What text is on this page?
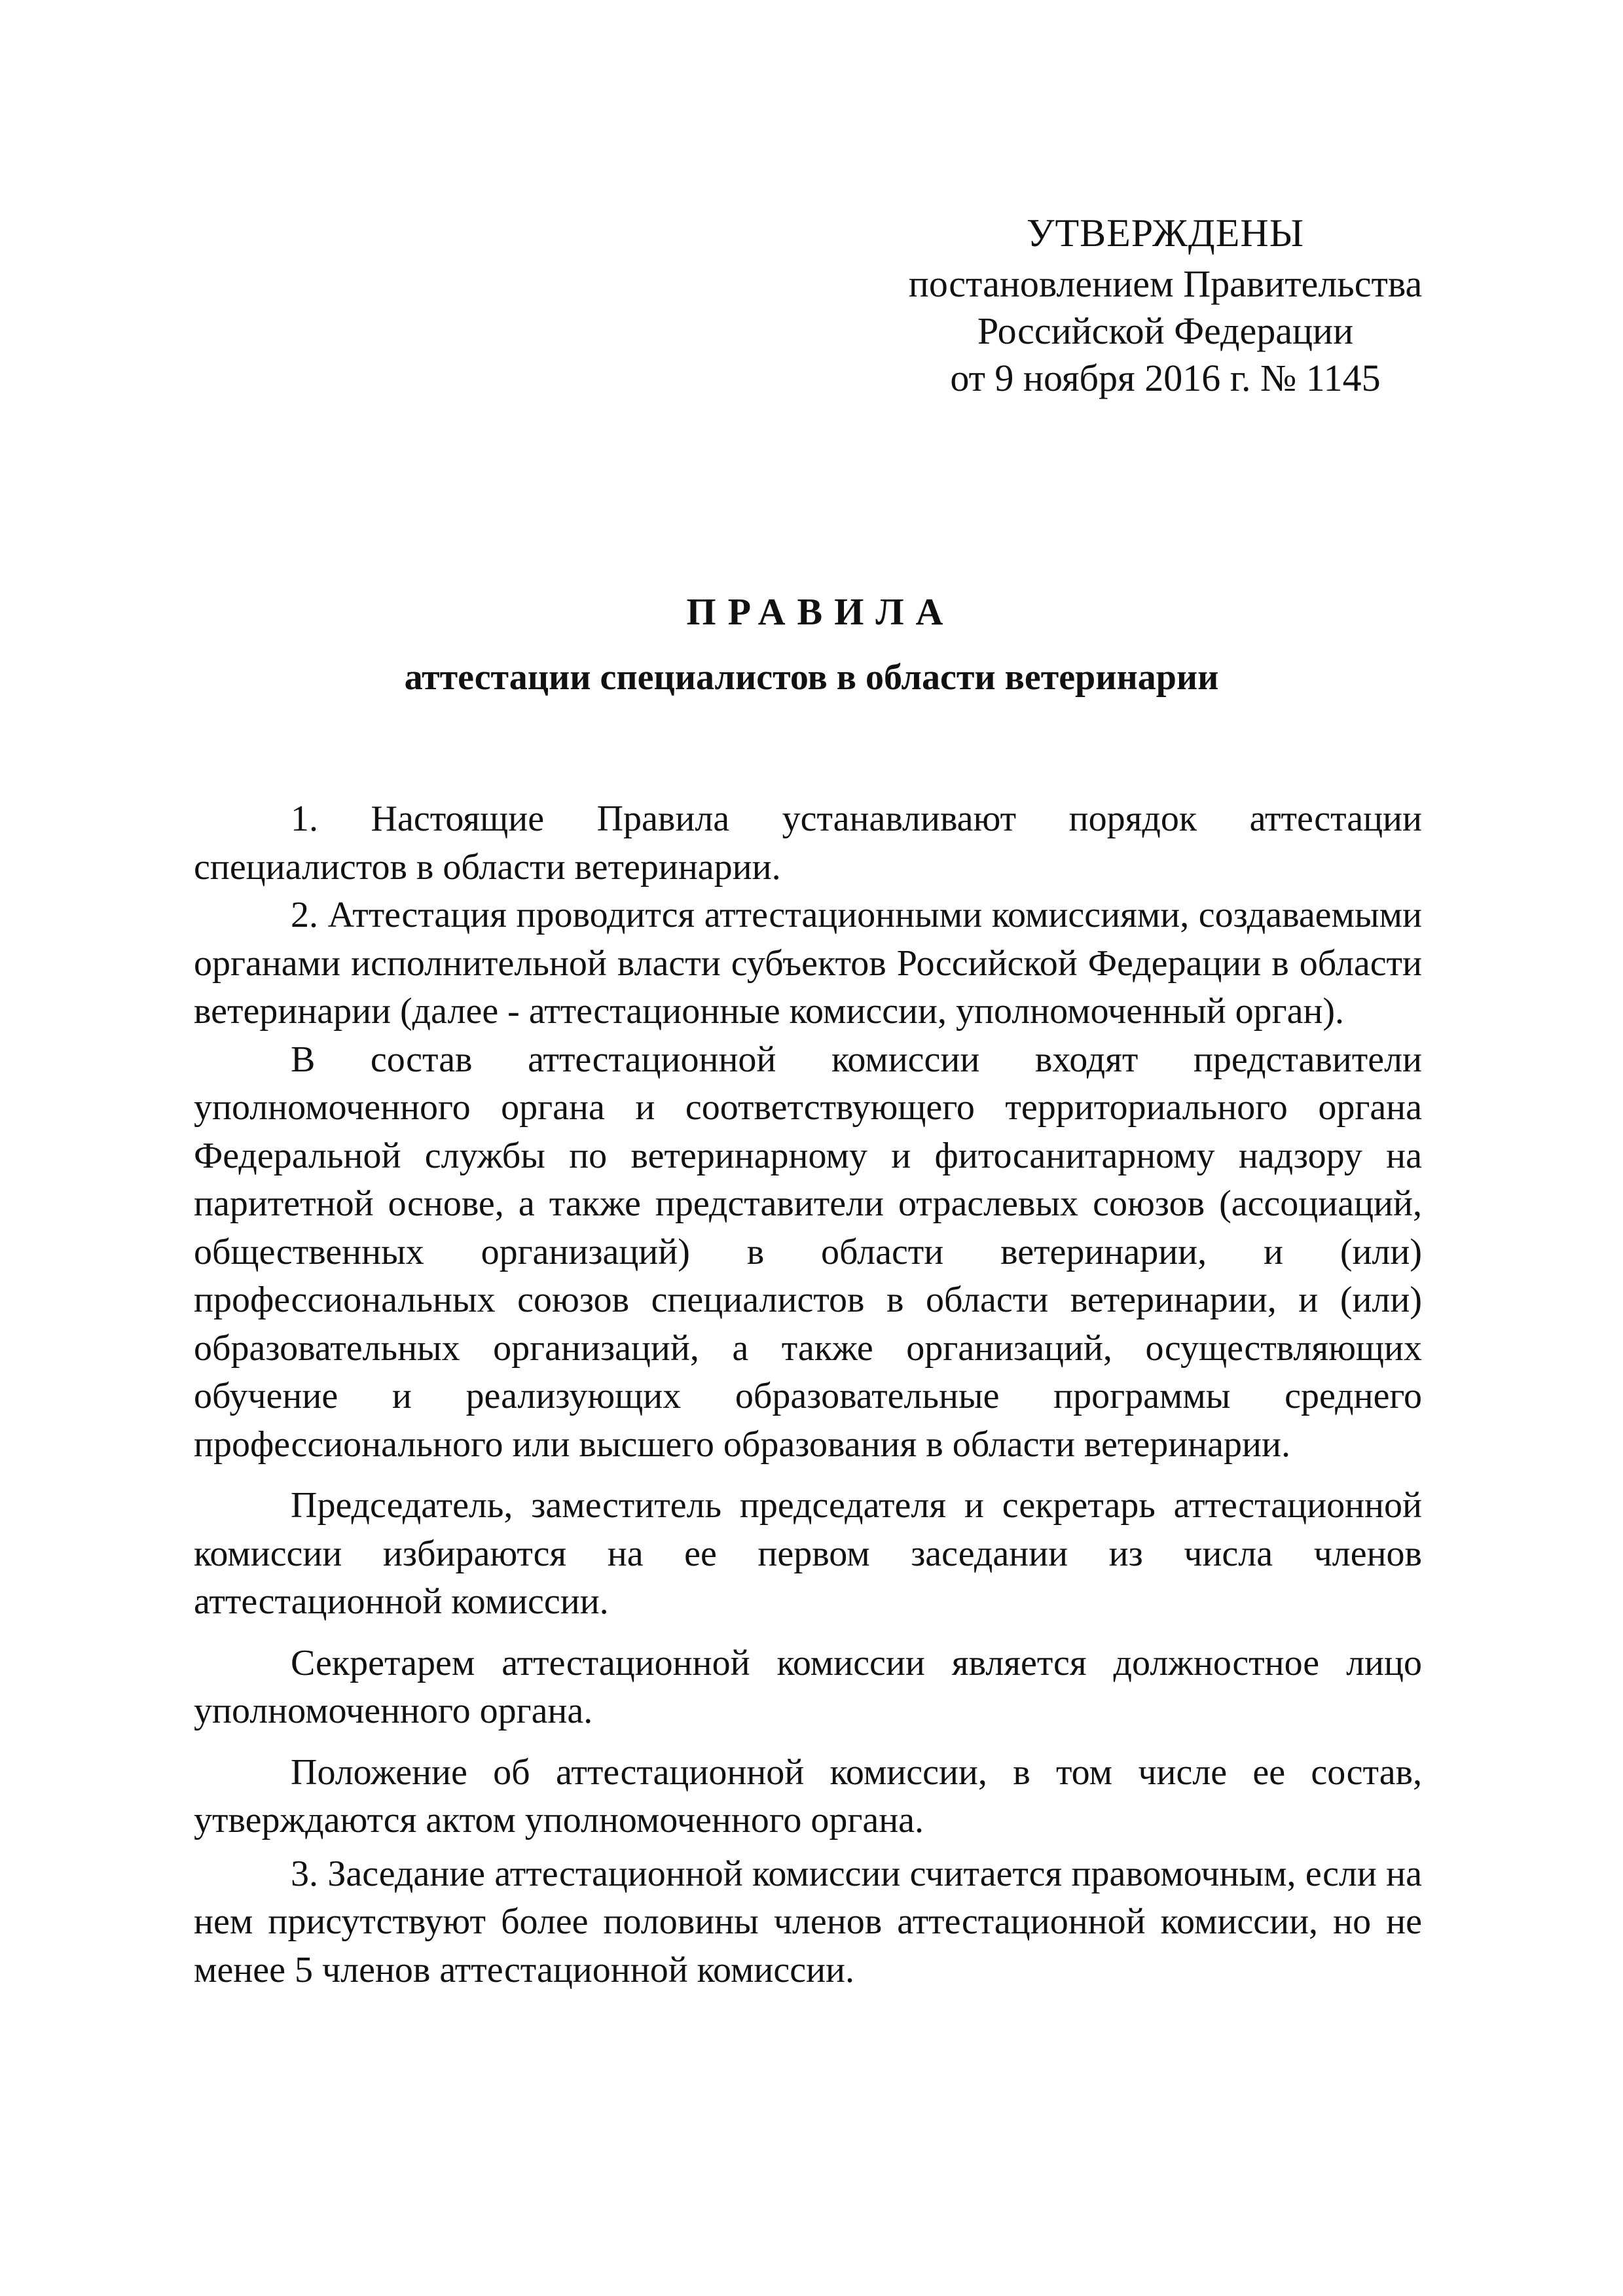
УТВЕРЖДЕНЫ
постановлением Правительства
Российской Федерации
от 9 ноября 2016 г. № 1145
ПРАВИЛА
аттестации специалистов в области ветеринарии

1. Настоящие Правила устанавливают порядок аттестации специалистов в области ветеринарии.

2. Аттестация проводится аттестационными комиссиями, создаваемыми органами исполнительной власти субъектов Российской Федерации в области ветеринарии (далее - аттестационные комиссии, уполномоченный орган).

В состав аттестационной комиссии входят представители уполномоченного органа и соответствующего территориального органа Федеральной службы по ветеринарному и фитосанитарному надзору на паритетной основе, а также представители отраслевых союзов (ассоциаций, общественных организаций) в области ветеринарии, и (или) профессиональных союзов специалистов в области ветеринарии, и (или) образовательных организаций, а также организаций, осуществляющих обучение и реализующих образовательные программы среднего профессионального или высшего образования в области ветеринарии.

Председатель, заместитель председателя и секретарь аттестационной комиссии избираются на ее первом заседании из числа членов аттестационной комиссии.

Секретарем аттестационной комиссии является должностное лицо уполномоченного органа.

Положение об аттестационной комиссии, в том числе ее состав, утверждаются актом уполномоченного органа.

3. Заседание аттестационной комиссии считается правомочным, если на нем присутствуют более половины членов аттестационной комиссии, но не менее 5 членов аттестационной комиссии.
